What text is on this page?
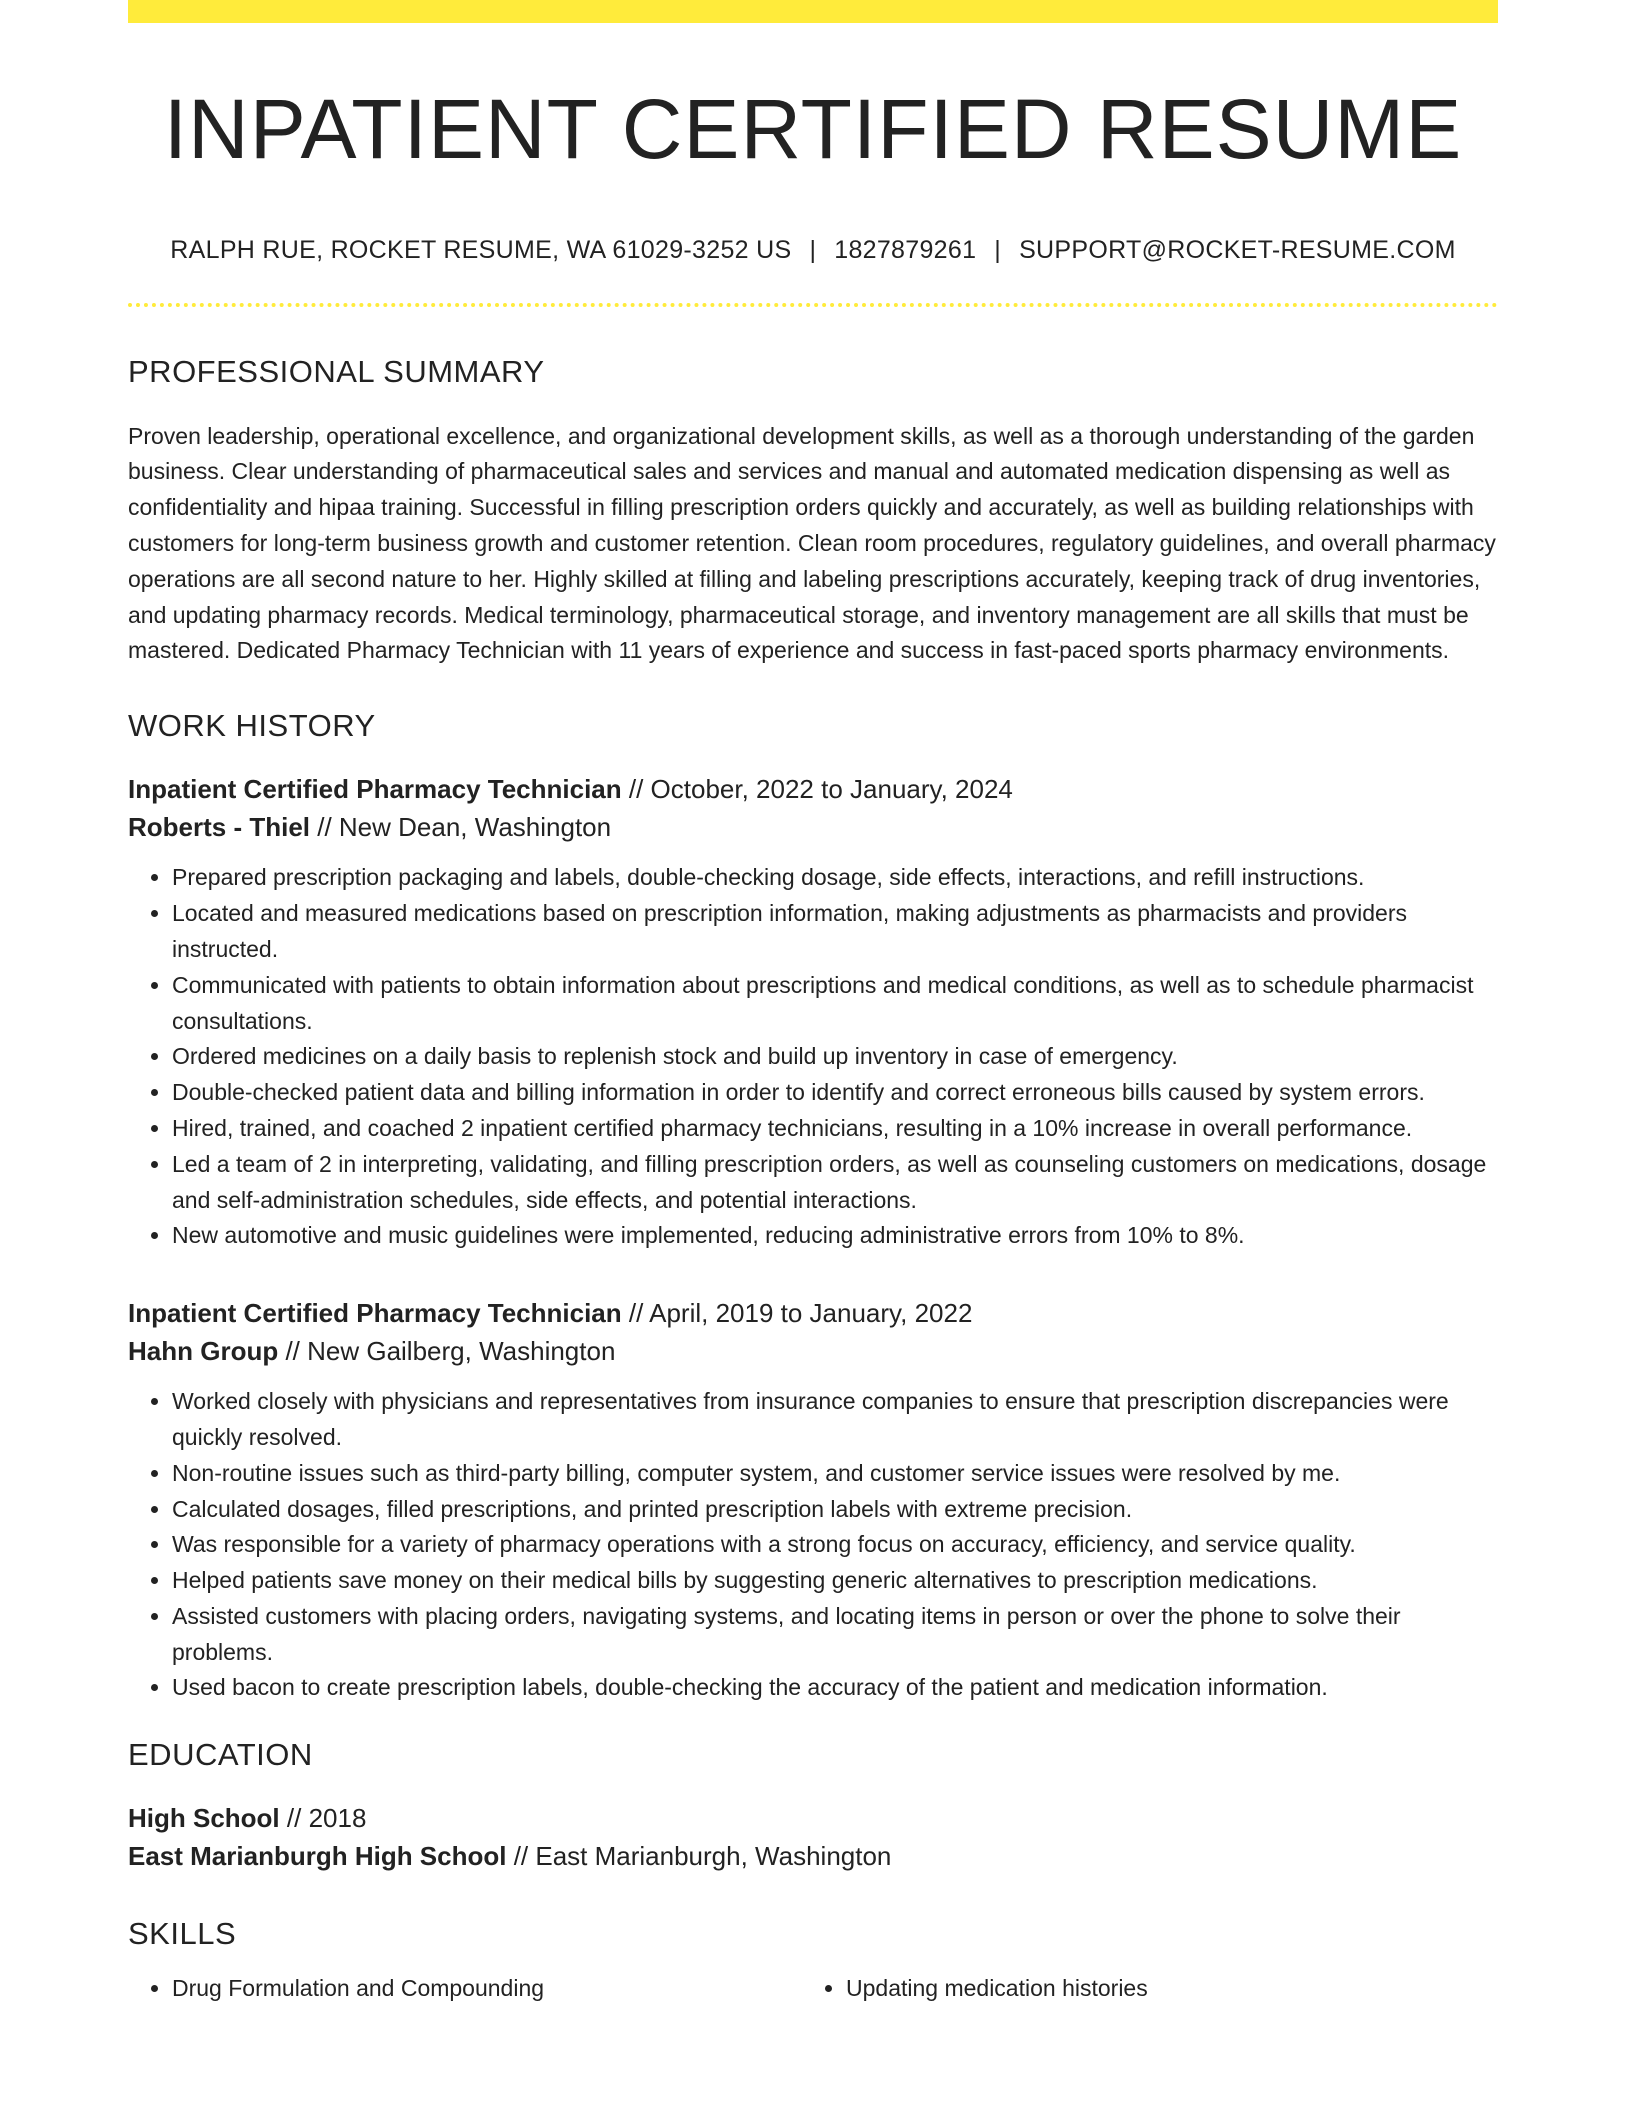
INPATIENT CERTIFIED RESUME
RALPH RUE, ROCKET RESUME, WA 61029-3252 US | 1827879261 | SUPPORT@ROCKET-RESUME.COM
PROFESSIONAL SUMMARY
Proven leadership, operational excellence, and organizational development skills, as well as a thorough understanding of the garden business. Clear understanding of pharmaceutical sales and services and manual and automated medication dispensing as well as confidentiality and hipaa training. Successful in filling prescription orders quickly and accurately, as well as building relationships with customers for long-term business growth and customer retention. Clean room procedures, regulatory guidelines, and overall pharmacy operations are all second nature to her. Highly skilled at filling and labeling prescriptions accurately, keeping track of drug inventories, and updating pharmacy records. Medical terminology, pharmaceutical storage, and inventory management are all skills that must be mastered. Dedicated Pharmacy Technician with 11 years of experience and success in fast-paced sports pharmacy environments.
WORK HISTORY
Inpatient Certified Pharmacy Technician // October, 2022 to January, 2024
Roberts - Thiel // New Dean, Washington
• Prepared prescription packaging and labels, double-checking dosage, side effects, interactions, and refill instructions.
• Located and measured medications based on prescription information, making adjustments as pharmacists and providers instructed.
• Communicated with patients to obtain information about prescriptions and medical conditions, as well as to schedule pharmacist consultations.
• Ordered medicines on a daily basis to replenish stock and build up inventory in case of emergency.
• Double-checked patient data and billing information in order to identify and correct erroneous bills caused by system errors.
• Hired, trained, and coached 2 inpatient certified pharmacy technicians, resulting in a 10% increase in overall performance.
• Led a team of 2 in interpreting, validating, and filling prescription orders, as well as counseling customers on medications, dosage and self-administration schedules, side effects, and potential interactions.
• New automotive and music guidelines were implemented, reducing administrative errors from 10% to 8%.
Inpatient Certified Pharmacy Technician // April, 2019 to January, 2022
Hahn Group // New Gailberg, Washington
• Worked closely with physicians and representatives from insurance companies to ensure that prescription discrepancies were quickly resolved.
• Non-routine issues such as third-party billing, computer system, and customer service issues were resolved by me.
• Calculated dosages, filled prescriptions, and printed prescription labels with extreme precision.
• Was responsible for a variety of pharmacy operations with a strong focus on accuracy, efficiency, and service quality.
• Helped patients save money on their medical bills by suggesting generic alternatives to prescription medications.
• Assisted customers with placing orders, navigating systems, and locating items in person or over the phone to solve their problems.
• Used bacon to create prescription labels, double-checking the accuracy of the patient and medication information.
EDUCATION
High School // 2018
East Marianburgh High School // East Marianburgh, Washington
SKILLS
• Drug Formulation and Compounding
•	Updating medication histories
